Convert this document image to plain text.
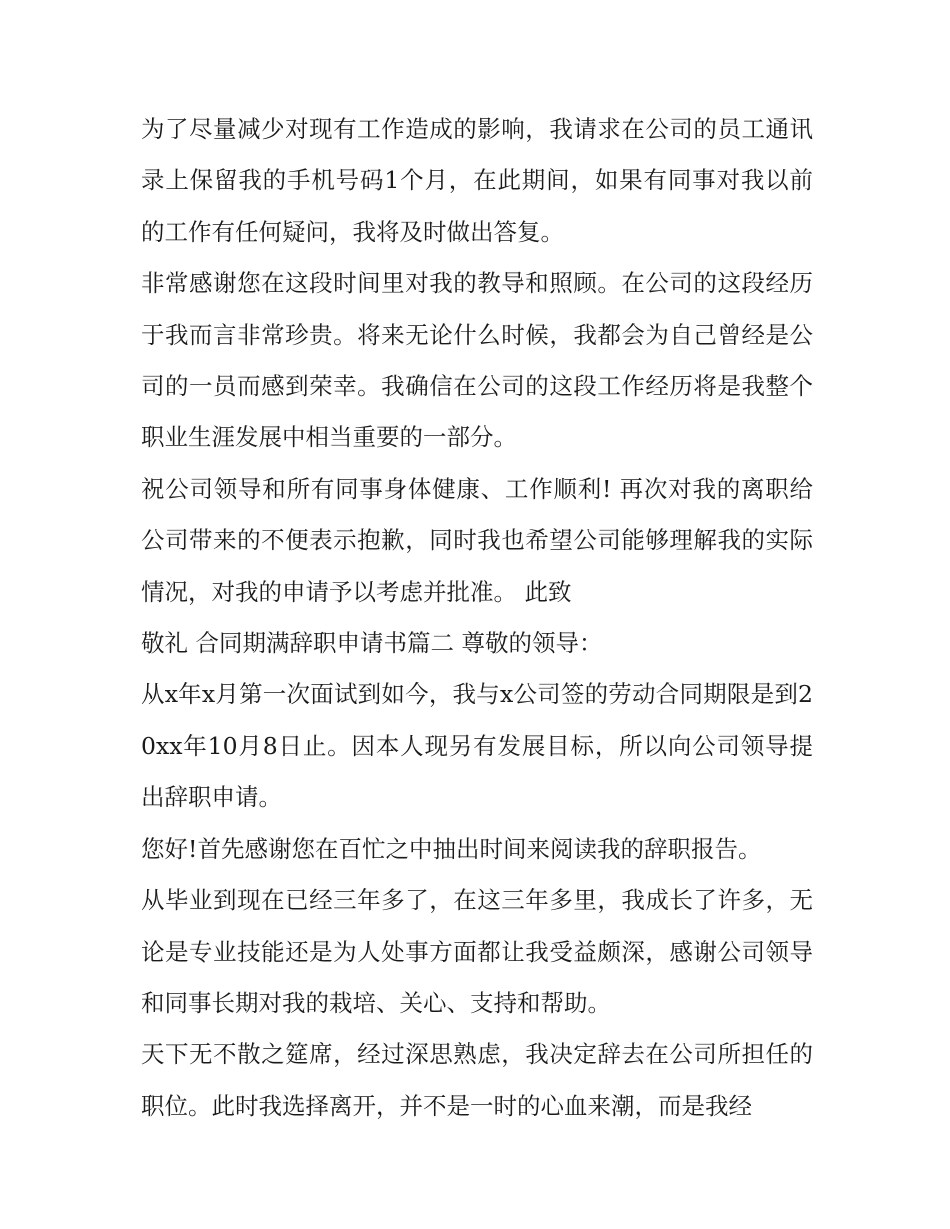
为了尽量减少对现有工作造成的影响，我请求在公司的员工通讯录上保留我的手机号码1个月，在此期间，如果有同事对我以前的工作有任何疑问，我将及时做出答复。

非常感谢您在这段时间里对我的教导和照顾。在公司的这段经历于我而言非常珍贵。将来无论什么时候，我都会为自己曾经是公司的一员而感到荣幸。我确信在公司的这段工作经历将是我整个职业生涯发展中相当重要的一部分。

祝公司领导和所有同事身体健康、工作顺利! 再次对我的离职给公司带来的不便表示抱歉，同时我也希望公司能够理解我的实际情况，对我的申请予以考虑并批准。 此致

敬礼 合同期满辞职申请书篇二 尊敬的领导：

从x年x月第一次面试到如今，我与x公司签的劳动合同期限是到20xx年10月8日止。因本人现另有发展目标，所以向公司领导提出辞职申请。

您好!首先感谢您在百忙之中抽出时间来阅读我的辞职报告。

从毕业到现在已经三年多了，在这三年多里，我成长了许多，无论是专业技能还是为人处事方面都让我受益颇深，感谢公司领导和同事长期对我的栽培、关心、支持和帮助。

天下无不散之筵席，经过深思熟虑，我决定辞去在公司所担任的职位。此时我选择离开，并不是一时的心血来潮，而是我经
